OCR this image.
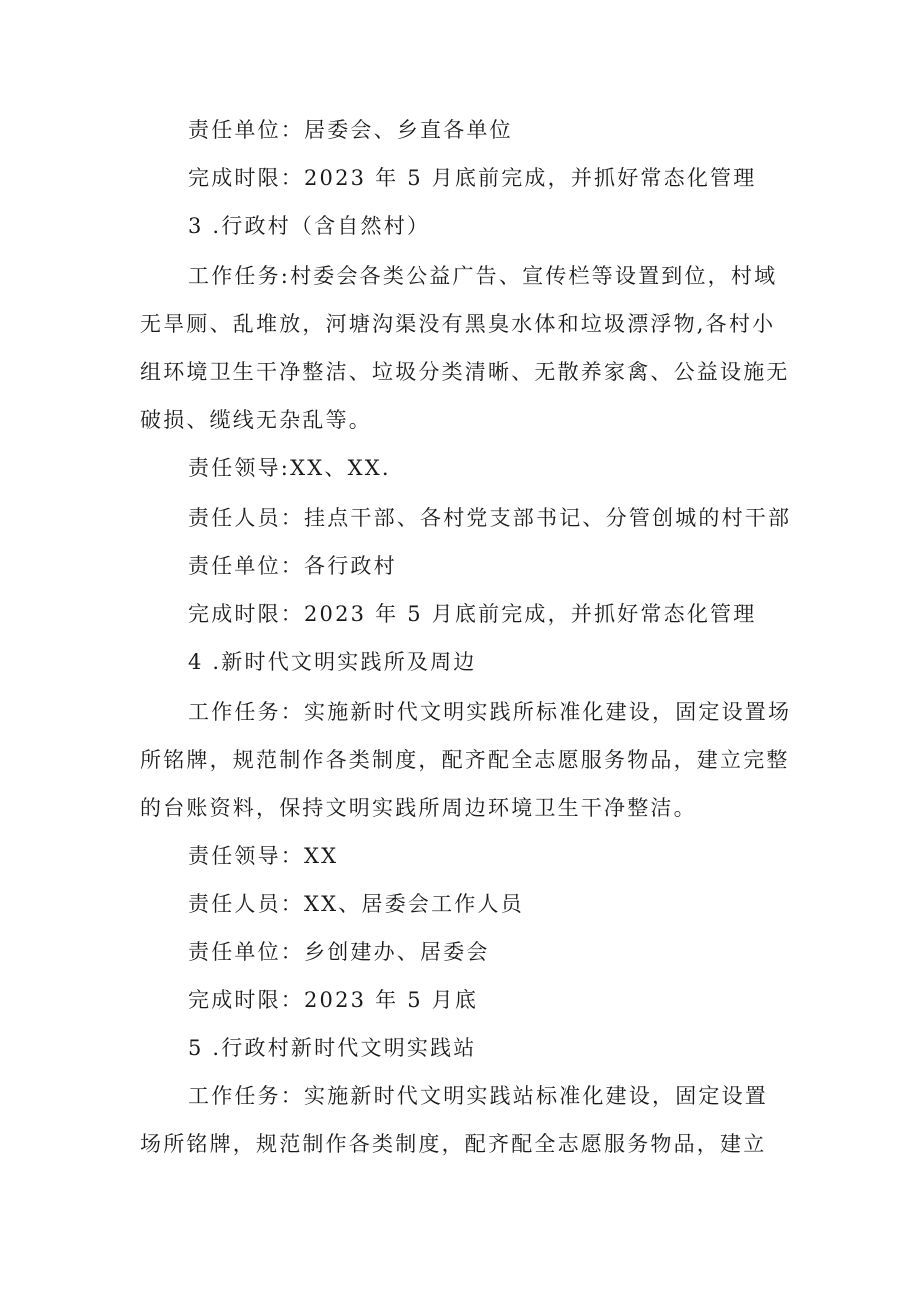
责任单位：居委会、乡直各单位
完成时限：2023 年 5 月底前完成，并抓好常态化管理
3 .行政村（含自然村）
工作任务:村委会各类公益广告、宣传栏等设置到位，村域
无旱厕、乱堆放，河塘沟渠没有黑臭水体和垃圾漂浮物,各村小
组环境卫生干净整洁、垃圾分类清晰、无散养家禽、公益设施无
破损、缆线无杂乱等。
责任领导:XX、XX.
责任人员：挂点干部、各村党支部书记、分管创城的村干部
责任单位：各行政村
完成时限：2023 年 5 月底前完成，并抓好常态化管理
4 .新时代文明实践所及周边
工作任务：实施新时代文明实践所标准化建设，固定设置场
所铭牌，规范制作各类制度，配齐配全志愿服务物品，建立完整
的台账资料，保持文明实践所周边环境卫生干净整洁。
责任领导：XX
责任人员：XX、居委会工作人员
责任单位：乡创建办、居委会
完成时限：2023 年 5 月底
5 .行政村新时代文明实践站
工作任务：实施新时代文明实践站标准化建设，固定设置
场所铭牌，规范制作各类制度，配齐配全志愿服务物品，建立
